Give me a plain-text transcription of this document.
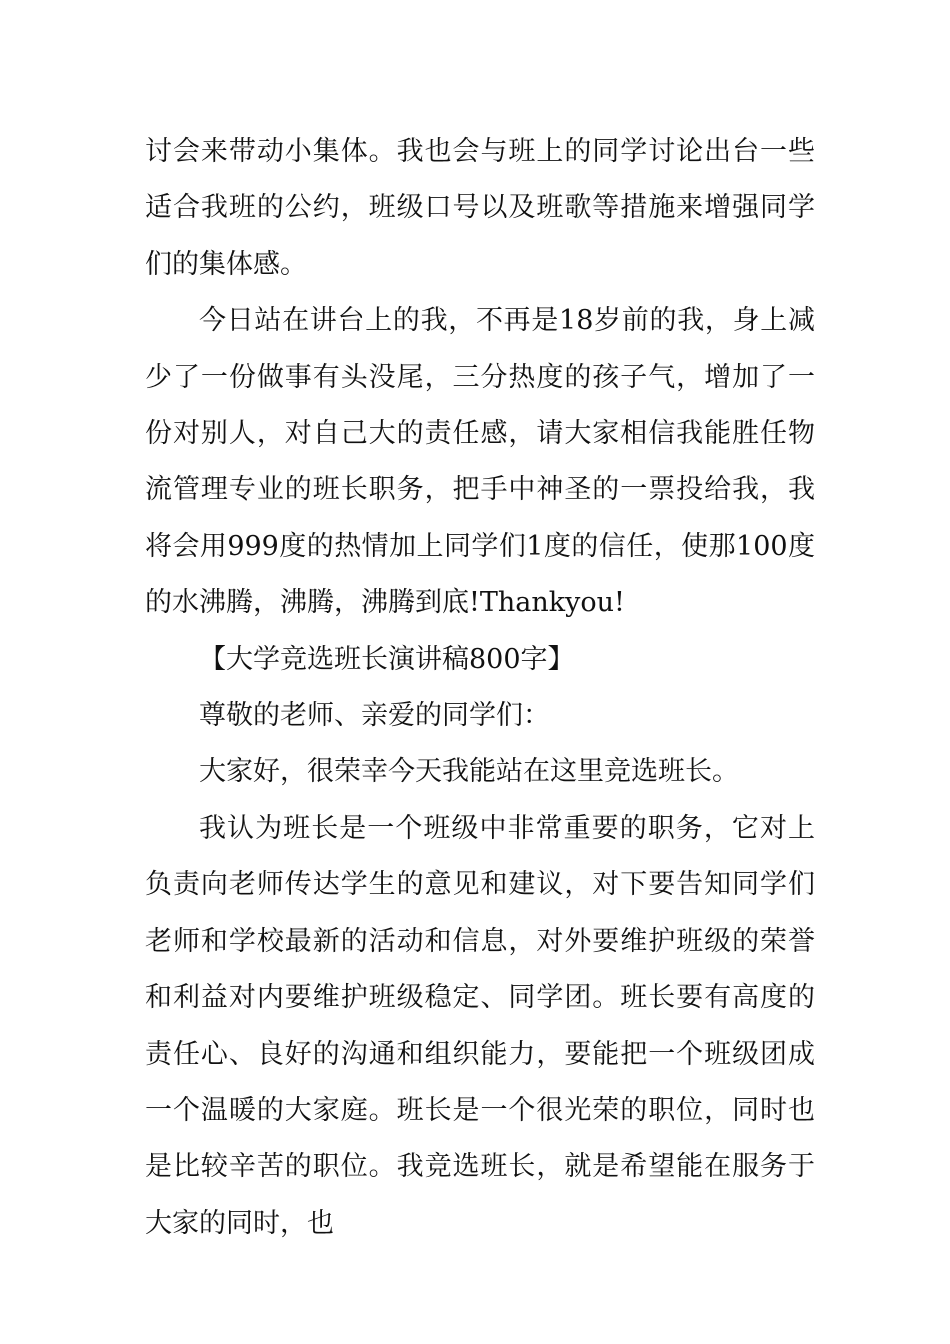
讨会来带动小集体。我也会与班上的同学讨论出台一些适合我班的公约，班级口号以及班歌等措施来增强同学们的集体感。

今日站在讲台上的我，不再是18岁前的我，身上减少了一份做事有头没尾，三分热度的孩子气，增加了一份对别人，对自己大的责任感，请大家相信我能胜任物流管理专业的班长职务，把手中神圣的一票投给我，我将会用999度的热情加上同学们1度的信任，使那100度的水沸腾，沸腾，沸腾到底!Thankyou!

【大学竞选班长演讲稿800字】

尊敬的老师、亲爱的同学们：

大家好，很荣幸今天我能站在这里竞选班长。

我认为班长是一个班级中非常重要的职务，它对上负责向老师传达学生的意见和建议，对下要告知同学们老师和学校最新的活动和信息，对外要维护班级的荣誉和利益对内要维护班级稳定、同学团。班长要有高度的责任心、良好的沟通和组织能力，要能把一个班级团成一个温暖的大家庭。班长是一个很光荣的职位，同时也是比较辛苦的职位。我竞选班长，就是希望能在服务于大家的同时，也
